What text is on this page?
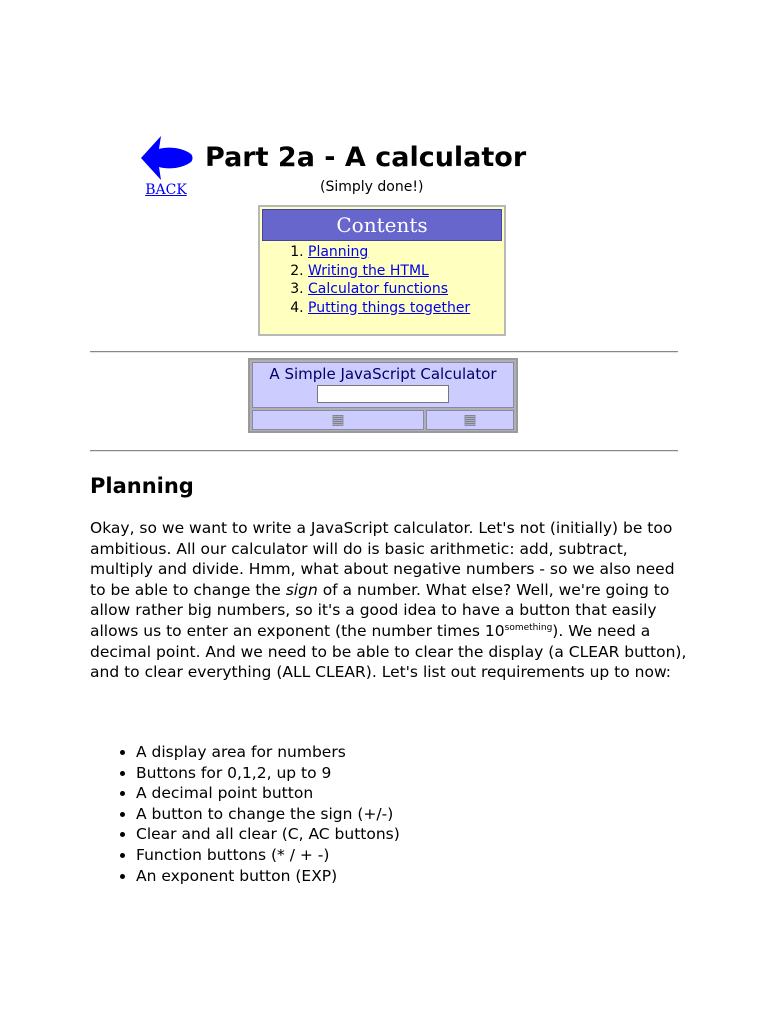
BACK
Part 2a - A calculator
(Simply done!)
Contents
1. Planning
2. Writing the HTML
3. Calculator functions
4. Putting things together
A Simple JavaScript Calculator
▦	▦
Planning

Okay, so we want to write a JavaScript calculator. Let's not (initially) be too ambitious. All our calculator will do is basic arithmetic: add, subtract, multiply and divide. Hmm, what about negative numbers - so we also need to be able to change the sign of a number. What else? Well, we're going to allow rather big numbers, so it's a good idea to have a button that easily allows us to enter an exponent (the number times $10^{something}$). We need a decimal point. And we need to be able to clear the display (a CLEAR button), and to clear everything (ALL CLEAR). Let's list out requirements up to now:

• A display area for numbers
• Buttons for 0,1,2, up to 9
• A decimal point button
• A button to change the sign (+/-)
• Clear and all clear (C, AC buttons)
• Function buttons (* / + -)
• An exponent button (EXP)
